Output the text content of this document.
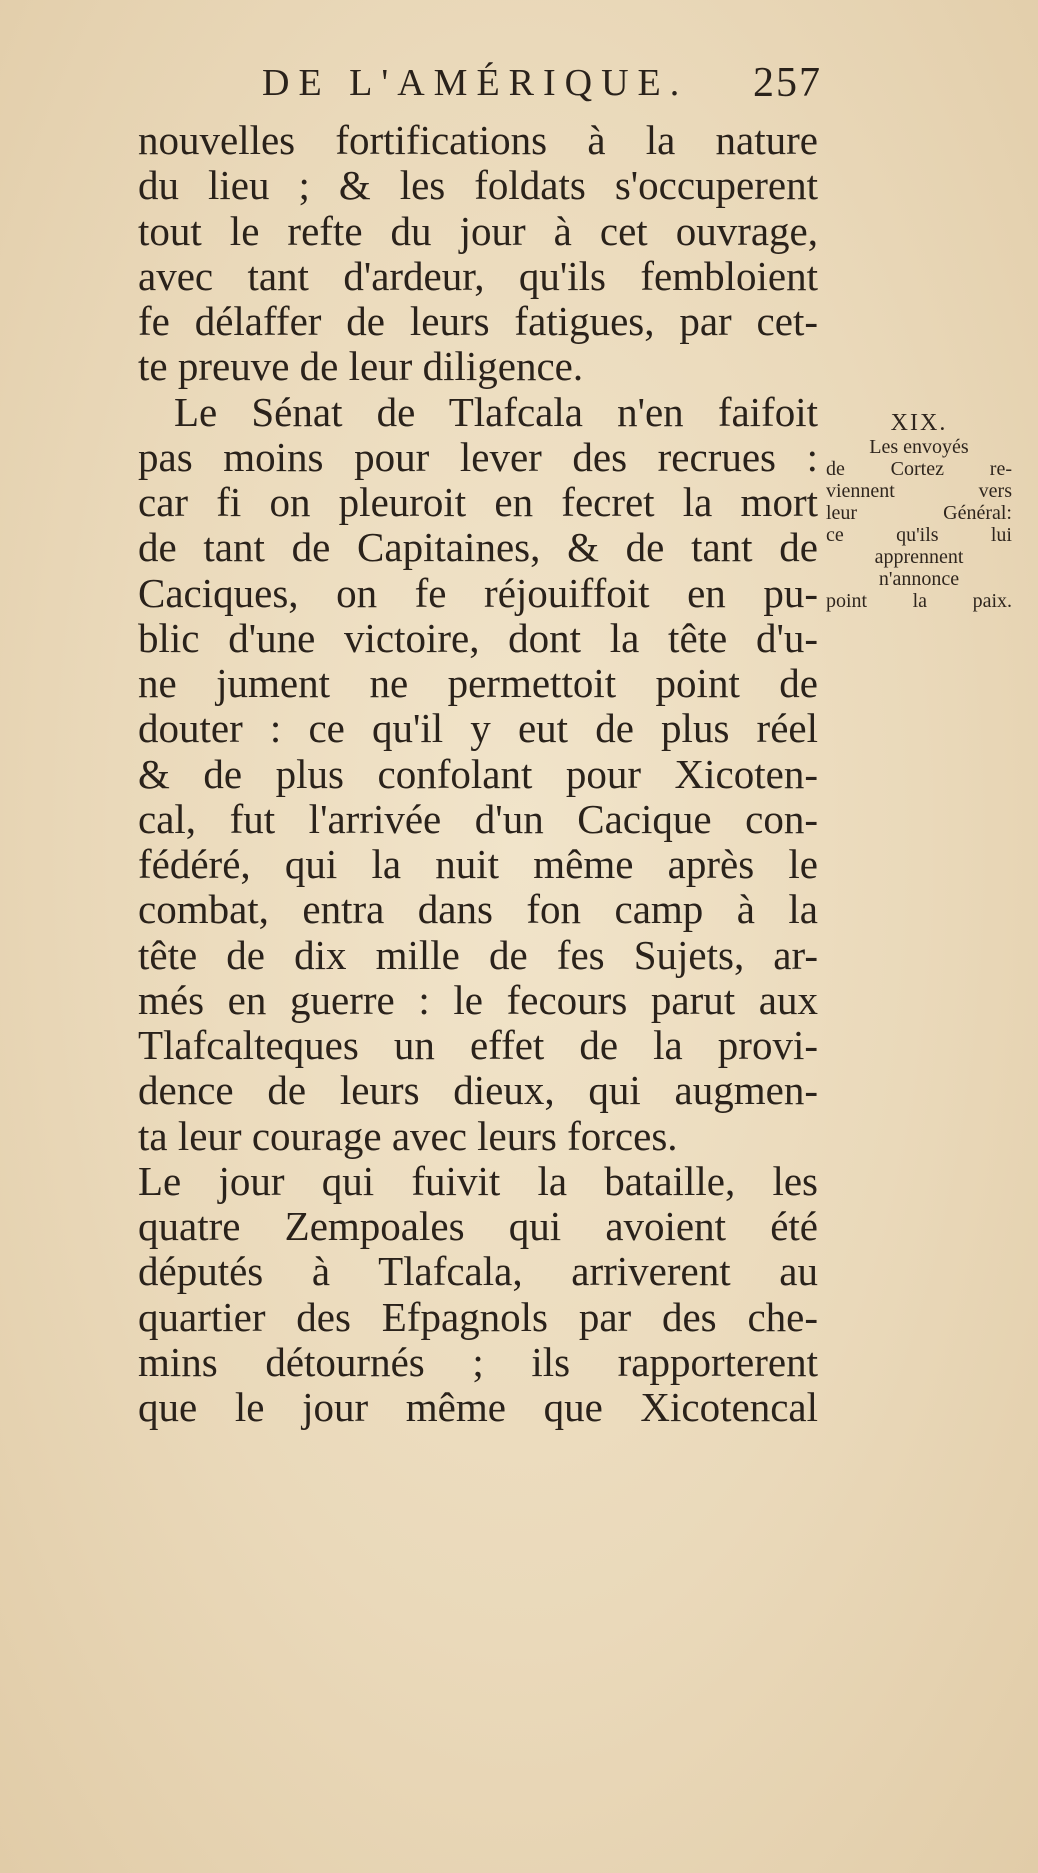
DE L'AMÉRIQUE. 257
nouvelles fortifications à la nature
du lieu ; & les foldats s'occuperent
tout le refte du jour à cet ouvrage,
avec tant d'ardeur, qu'ils fembloient
fe délaffer de leurs fatigues, par cet-
te preuve de leur diligence.
Le Sénat de Tlafcala n'en faifoit
pas moins pour lever des recrues :
car fi on pleuroit en fecret la mort
de tant de Capitaines, & de tant de
Caciques, on fe réjouiffoit en pu-
blic d'une victoire, dont la tête d'u-
ne jument ne permettoit point de
douter : ce qu'il y eut de plus réel
& de plus confolant pour Xicoten-
cal, fut l'arrivée d'un Cacique con-
fédéré, qui la nuit même après le
combat, entra dans fon camp à la
tête de dix mille de fes Sujets, ar-
més en guerre : le fecours parut aux
Tlafcalteques un effet de la provi-
dence de leurs dieux, qui augmen-
ta leur courage avec leurs forces.
Le jour qui fuivit la bataille, les
quatre Zempoales qui avoient été
députés à Tlafcala, arriverent au
quartier des Efpagnols par des che-
mins détournés ; ils rapporterent
que le jour même que Xicotencal
XIX.
Les envoyés
de Cortez re-
viennent vers
leur Général:
ce qu'ils lui
apprennent
n'annonce
point la paix.
